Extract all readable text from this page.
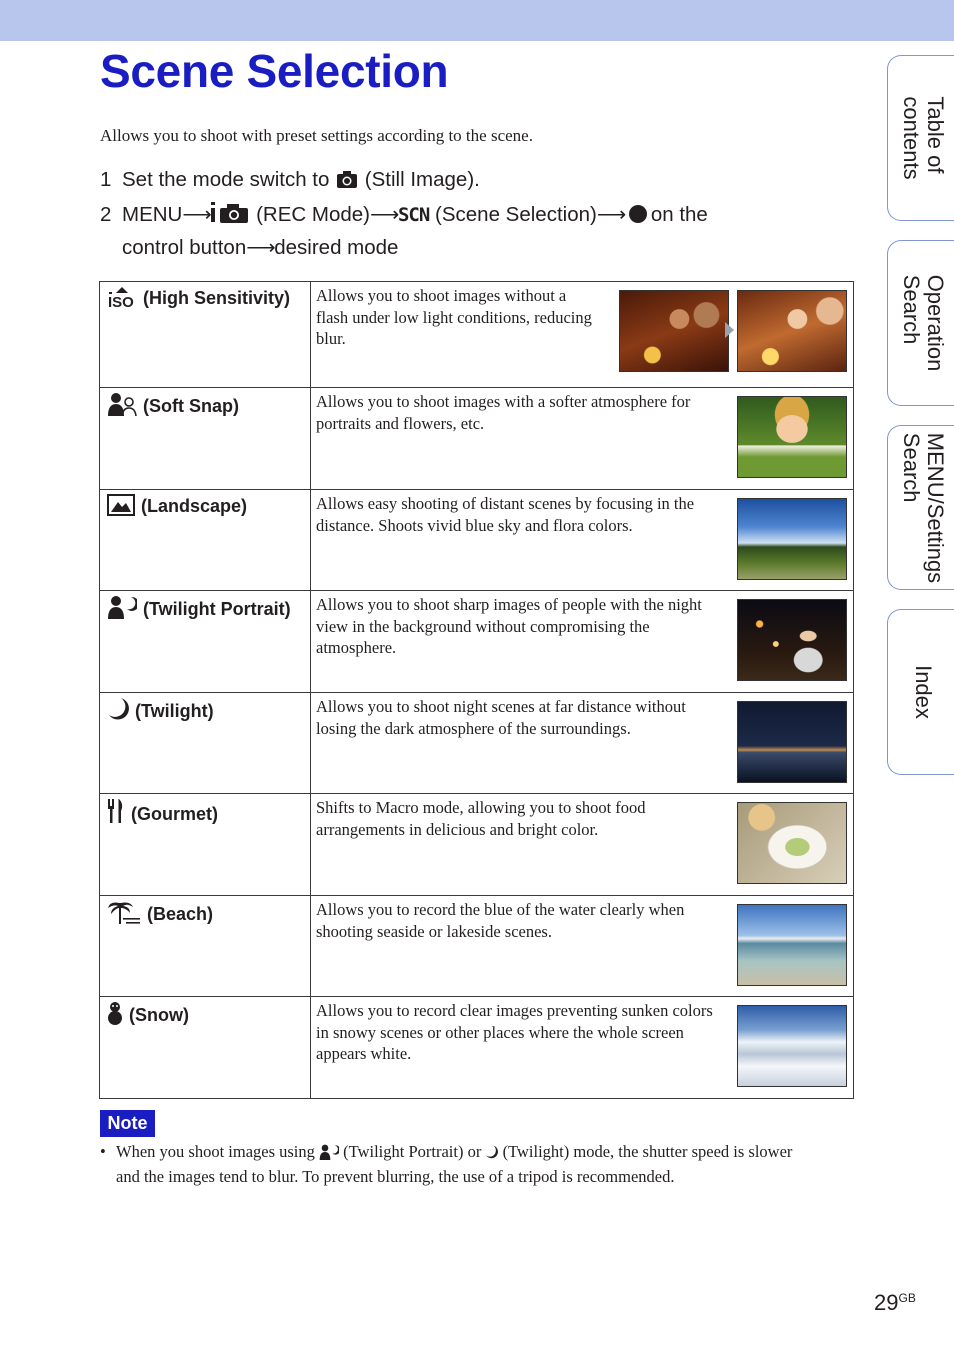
Scene Selection

Allows you to shoot with preset settings according to the scene.

1 Set the mode switch to (Still Image).
2 MENU⟶ (REC Mode)⟶SCN (Scene Selection)⟶ on the
control button⟶desired mode
ISO (High Sensitivity)	Allows you to shoot images without a flash under low light conditions, reducing blur.

(Soft Snap)	Allows you to shoot images with a softer atmosphere for portraits and flowers, etc.

(Landscape)	Allows easy shooting of distant scenes by focusing in the distance. Shoots vivid blue sky and flora colors.

(Twilight Portrait)	Allows you to shoot sharp images of people with the night view in the background without compromising the atmosphere.

(Twilight)	Allows you to shoot night scenes at far distance without losing the dark atmosphere of the surroundings.

(Gourmet)	Shifts to Macro mode, allowing you to shoot food arrangements in delicious and bright color.

(Beach)	Allows you to record the blue of the water clearly when shooting seaside or lakeside scenes.

(Snow)	Allows you to record clear images preventing sunken colors in snowy scenes or other places where the whole screen appears white.
Note
• When you shoot images using (Twilight Portrait) or (Twilight) mode, the shutter speed is slower
and the images tend to blur. To prevent blurring, the use of a tripod is recommended.
Table of
contents
Operation
Search
MENU/Settings
Search
Index
$29^{GB}$
